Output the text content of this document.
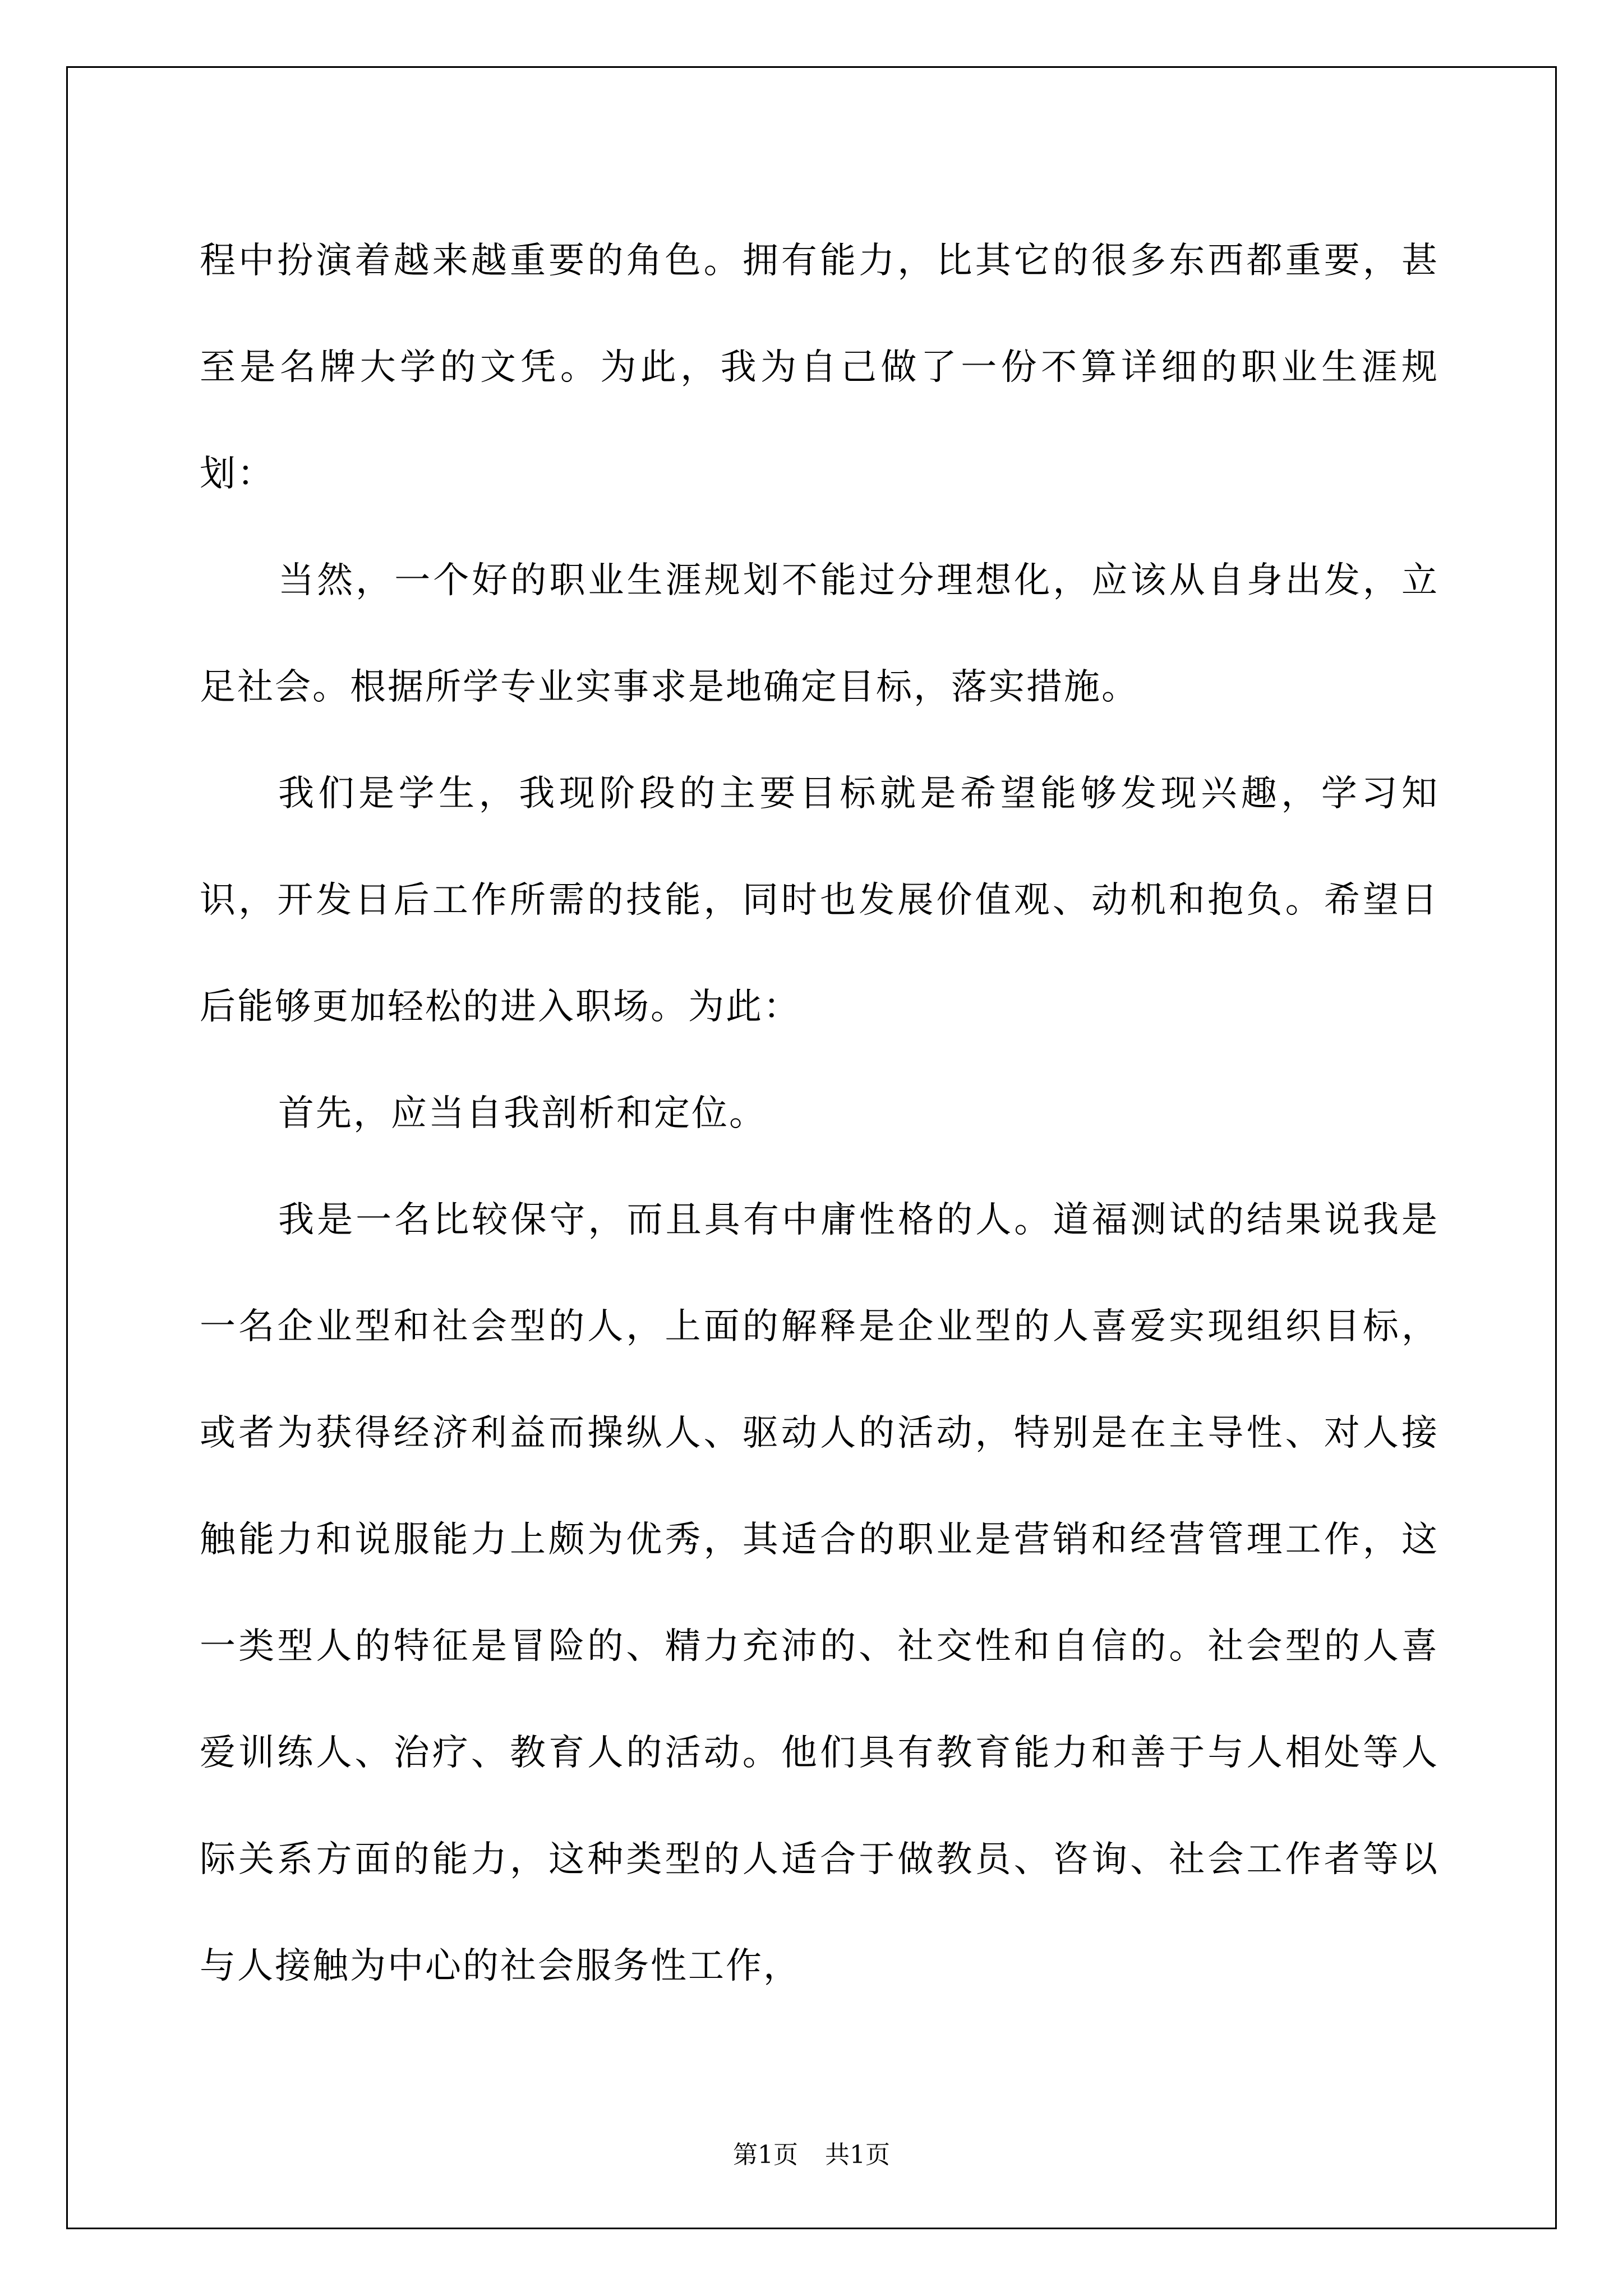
程中扮演着越来越重要的角色。拥有能力，比其它的很多东西都重要，甚至是名牌大学的文凭。为此，我为自己做了一份不算详细的职业生涯规划：

当然，一个好的职业生涯规划不能过分理想化，应该从自身出发，立足社会。根据所学专业实事求是地确定目标，落实措施。

我们是学生，我现阶段的主要目标就是希望能够发现兴趣，学习知识，开发日后工作所需的技能，同时也发展价值观、动机和抱负。希望日后能够更加轻松的进入职场。为此：

首先，应当自我剖析和定位。

我是一名比较保守，而且具有中庸性格的人。道福测试的结果说我是一名企业型和社会型的人，上面的解释是企业型的人喜爱实现组织目标，或者为获得经济利益而操纵人、驱动人的活动，特别是在主导性、对人接触能力和说服能力上颇为优秀，其适合的职业是营销和经营管理工作，这一类型人的特征是冒险的、精力充沛的、社交性和自信的。社会型的人喜爱训练人、治疗、教育人的活动。他们具有教育能力和善于与人相处等人际关系方面的能力，这种类型的人适合于做教员、咨询、社会工作者等以与人接触为中心的社会服务性工作，

第1页 共1页
